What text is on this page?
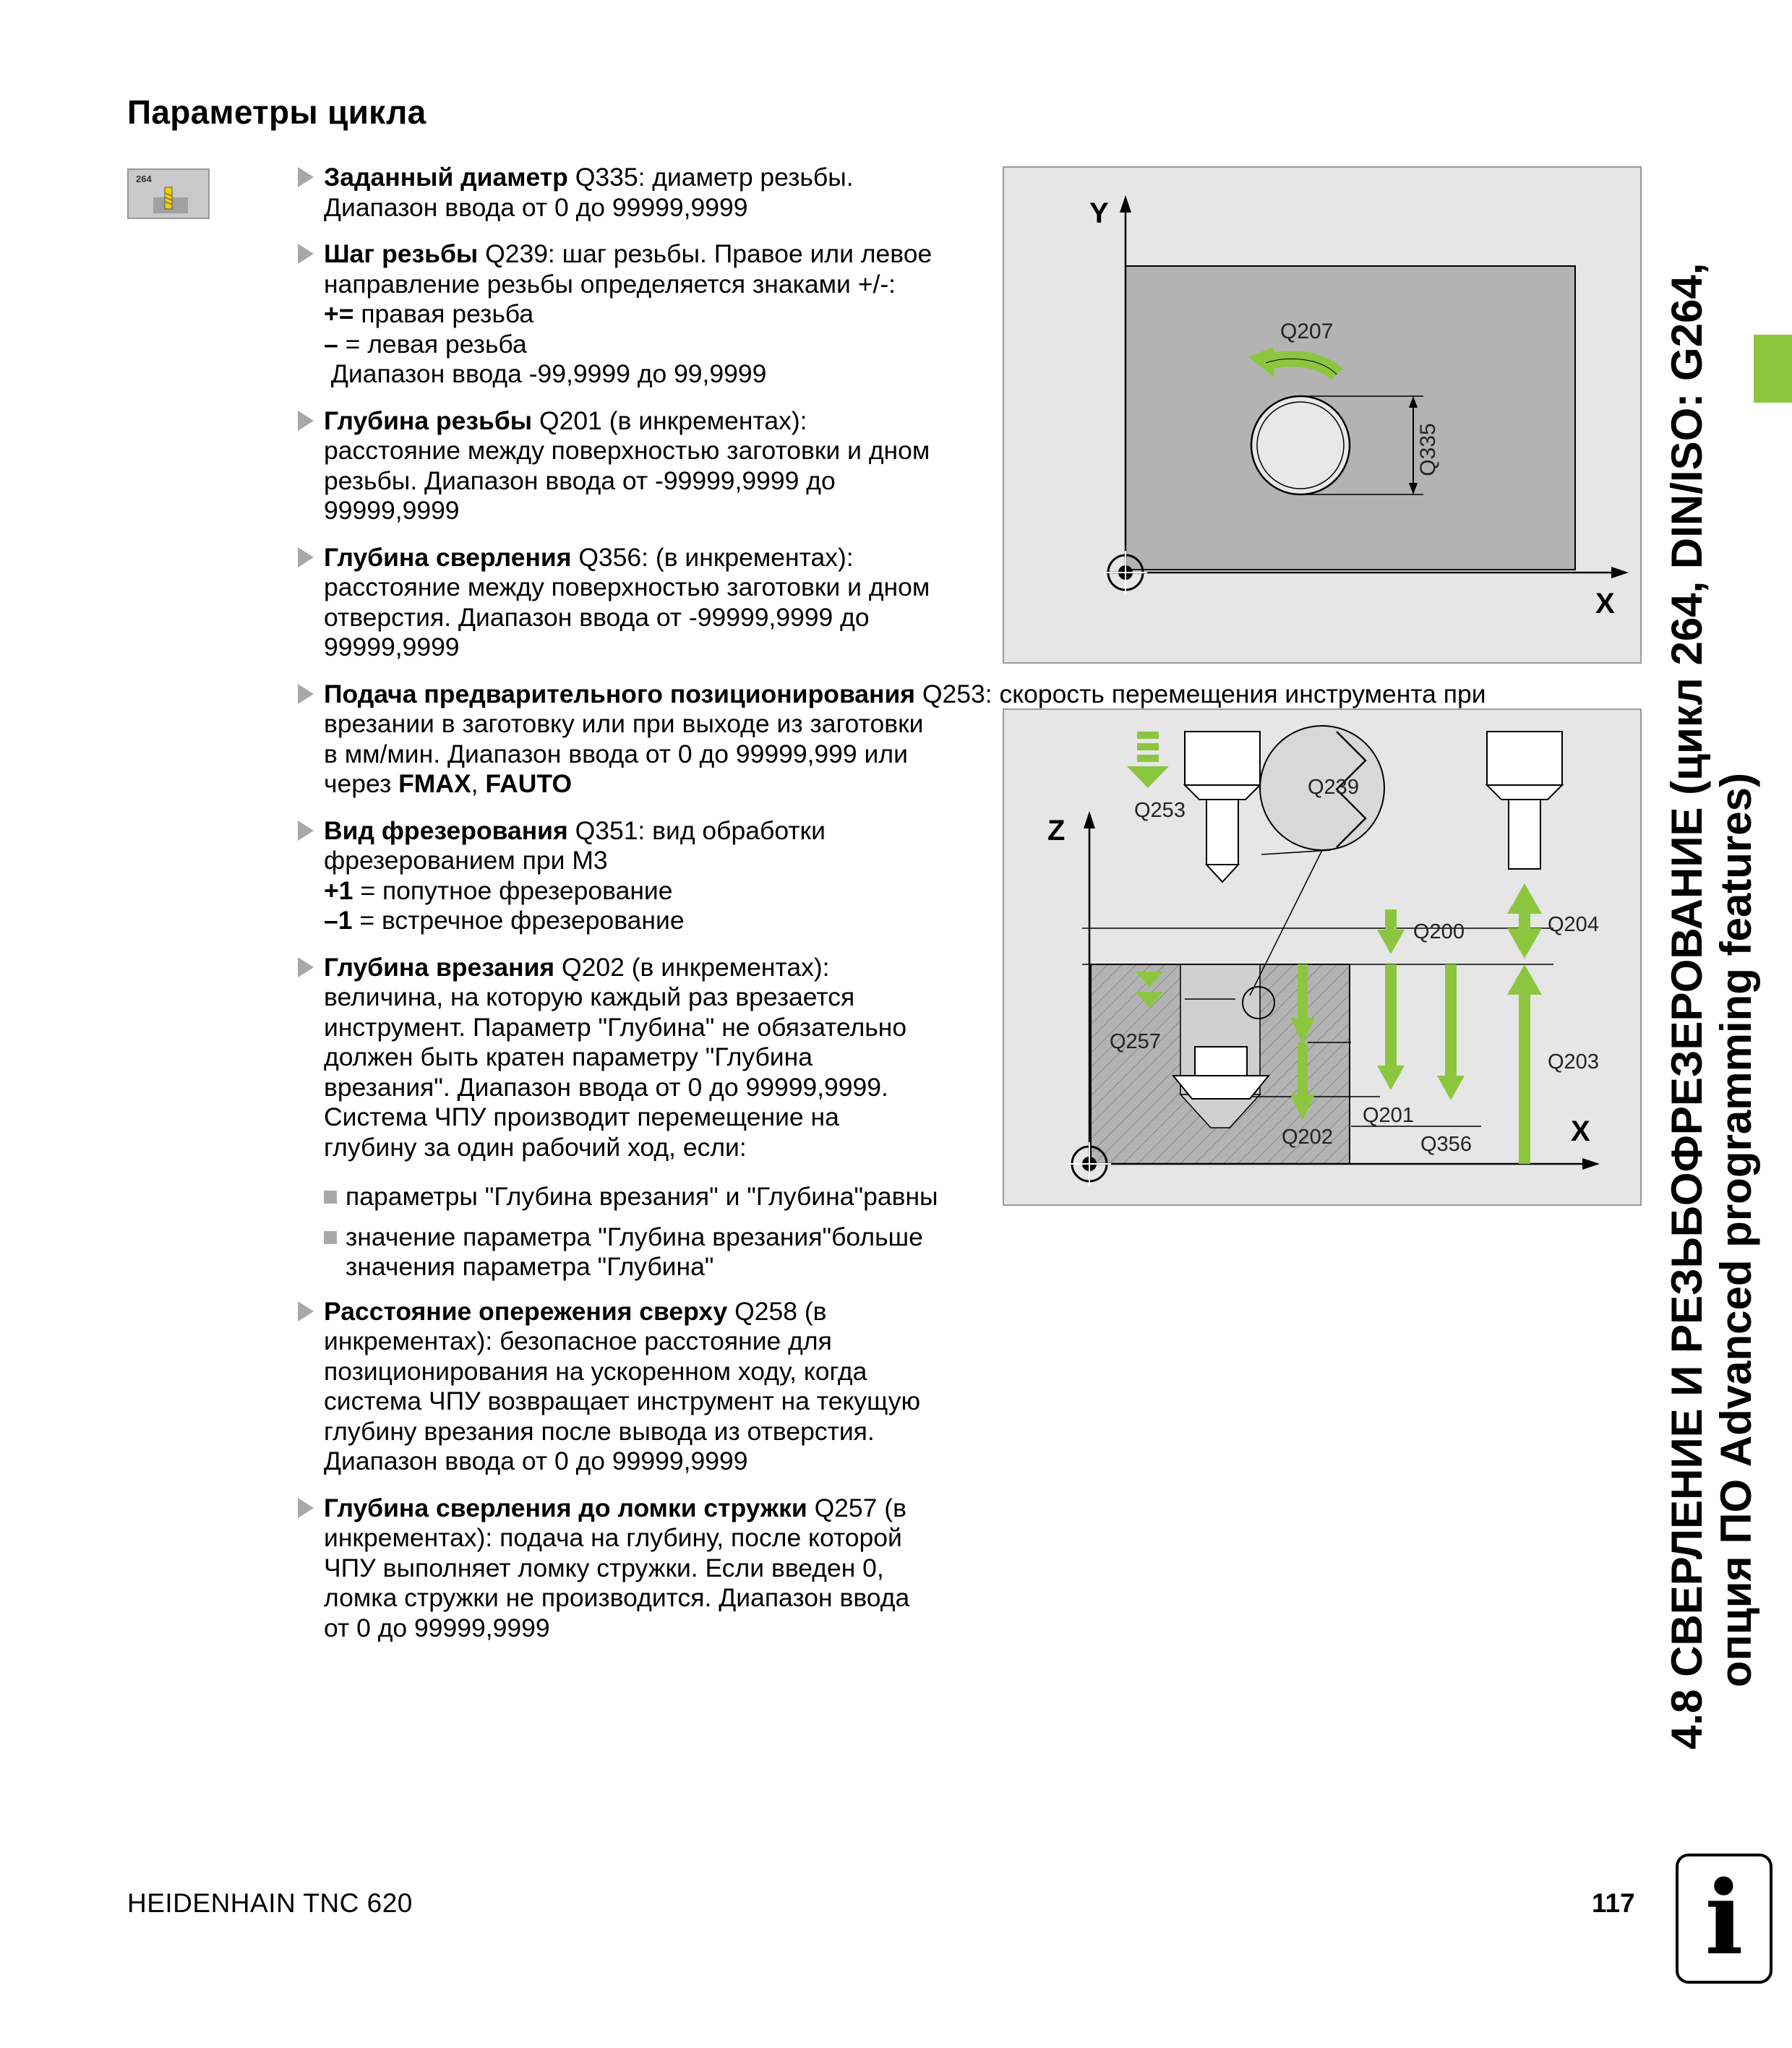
Параметры цикла
264	Заданный диаметр Q335: диаметр резьбы.
Диапазон ввода от 0 до 99999,9999
Шаг резьбы Q239: шаг резьбы. Правое или левое
направление резьбы определяется знаками +/-:
+= правая резьба
– = левая резьба
Диапазон ввода -99,9999 до 99,9999
Глубина резьбы Q201 (в инкрементах):
расстояние между поверхностью заготовки и дном
резьбы. Диапазон ввода от -99999,9999 до
99999,9999
Глубина сверления Q356: (в инкрементах):
расстояние между поверхностью заготовки и дном
отверстия. Диапазон ввода от -99999,9999 до
99999,9999
Подача предварительного позиционирования Q253: скорость перемещения инструмента при
врезании в заготовку или при выходе из заготовки
в мм/мин. Диапазон ввода от 0 до 99999,999 или
через FMAX, FAUTO
Вид фрезерования Q351: вид обработки
фрезерованием при M3
+1 = попутное фрезерование
–1 = встречное фрезерование
Глубина врезания Q202 (в инкрементах):
величина, на которую каждый раз врезается
инструмент. Параметр "Глубина" не обязательно
должен быть кратен параметру "Глубина
врезания". Диапазон ввода от 0 до 99999,9999.
Система ЧПУ производит перемещение на
глубину за один рабочий ход, если:
параметры "Глубина врезания" и "Глубина"равны
значение параметра "Глубина врезания"больше значения параметра "Глубина"
Расстояние опережения сверху Q258 (в
инкрементах): безопасное расстояние для
позиционирования на ускоренном ходу, когда
система ЧПУ возвращает инструмент на текущую
глубину врезания после вывода из отверстия.
Диапазон ввода от 0 до 99999,9999
Глубина сверления до ломки стружки Q257 (в
инкрементах): подача на глубину, после которой
ЧПУ выполняет ломку стружки. Если введен 0,
ломка стружки не производится. Диапазон ввода
от 0 до 99999,9999
Y
X
Q335
Q207
Z
X
Q253
Q239
Q200	Q204
Q257
Q203
Q201
Q202	Q356	4.8 СВЕРЛЕНИЕ И РЕЗЬБОФРЕЗЕРОВАНИЕ (цикл 264, DIN/ISO: G264, опция ПО Advanced programming features)
HEIDENHAIN TNC 620	117 i
